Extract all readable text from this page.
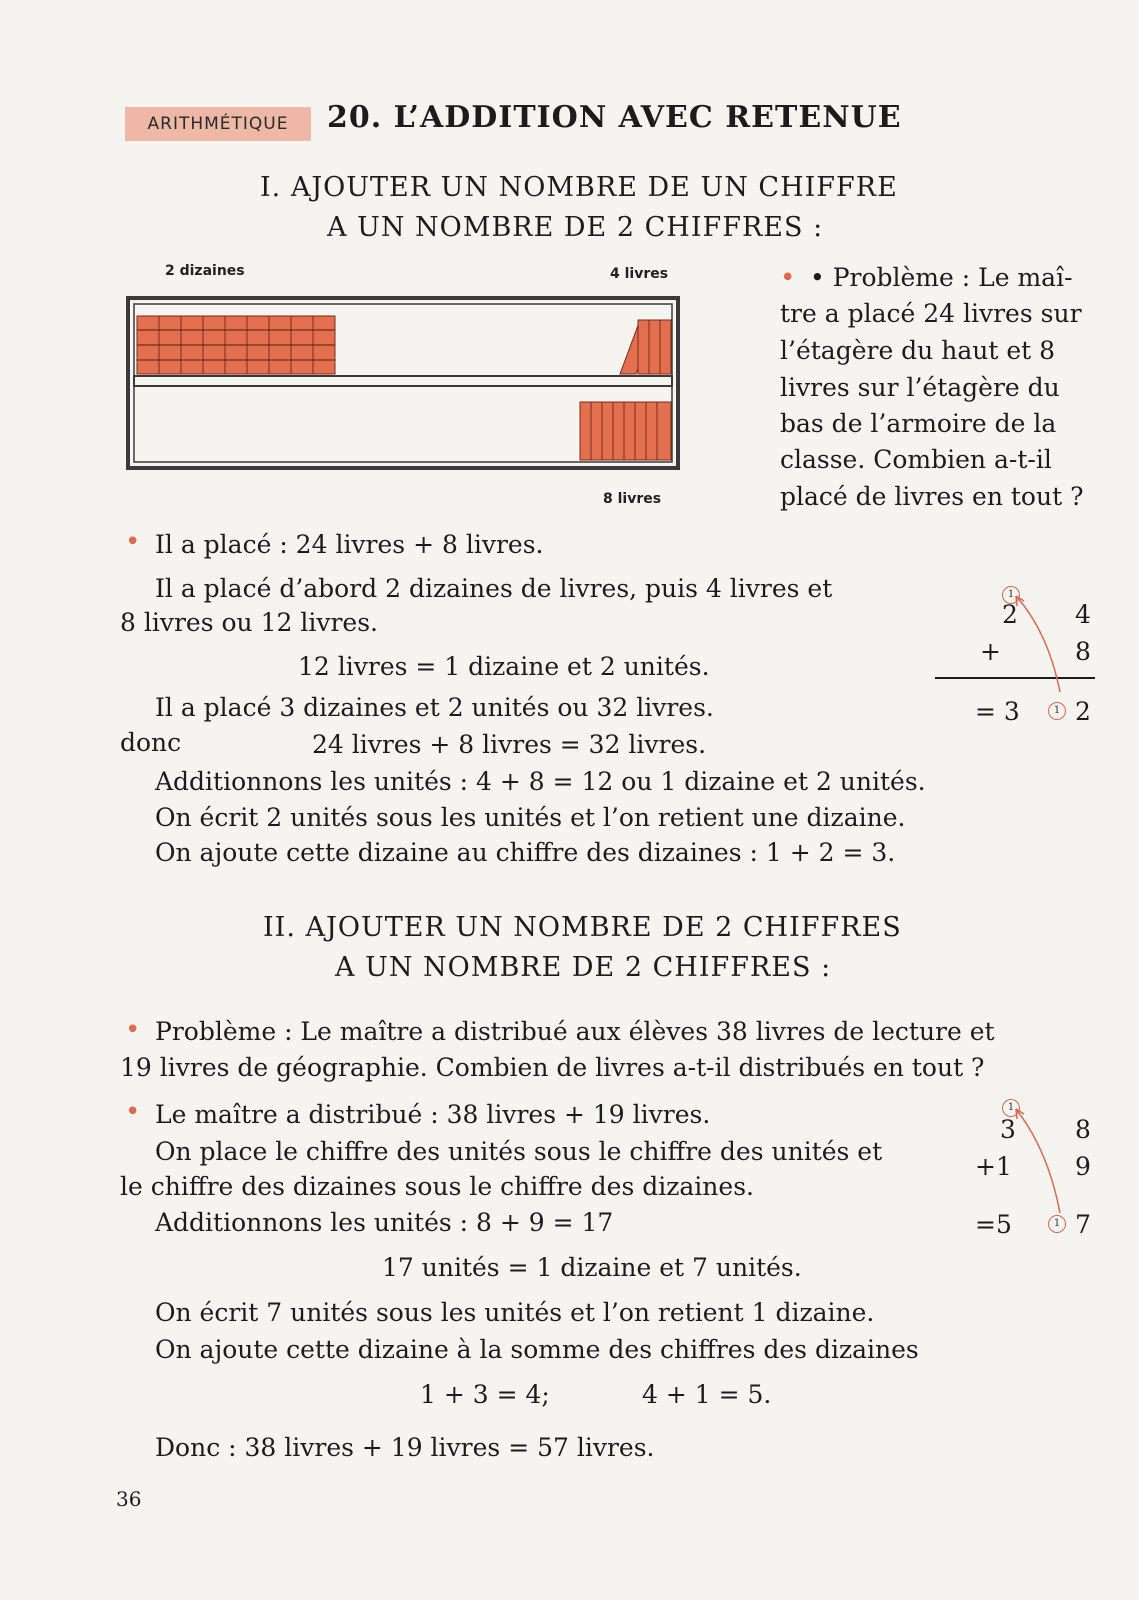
ARITHMÉTIQUE	20. L’ADDITION AVEC RETENUE
I. AJOUTER UN NOMBRE DE UN CHIFFRE
A UN NOMBRE DE 2 CHIFFRES :
2 dizaines	4 livres
8 livres
• • Problème : Le maî-
tre a placé 24 livres sur
l’étagère du haut et 8
livres sur l’étagère du
bas de l’armoire de la
classe. Combien a-t-il
placé de livres en tout ?
• Il a placé : 24 livres + 8 livres.
Il a placé d’abord 2 dizaines de livres, puis 4 livres et
8 livres ou 12 livres.
12 livres = 1 dizaine et 2 unités.
Il a placé 3 dizaines et 2 unités ou 32 livres.
donc	24 livres + 8 livres = 32 livres.
Additionnons les unités : 4 + 8 = 12 ou 1 dizaine et 2 unités.
On écrit 2 unités sous les unités et l’on retient une dizaine.
On ajoute cette dizaine au chiffre des dizaines : 1 + 2 = 3.
1
2 4
+	8
= 3	1 2
II. AJOUTER UN NOMBRE DE 2 CHIFFRES
A UN NOMBRE DE 2 CHIFFRES :
• Problème : Le maître a distribué aux élèves 38 livres de lecture et
19 livres de géographie. Combien de livres a-t-il distribués en tout ?
• Le maître a distribué : 38 livres + 19 livres.
On place le chiffre des unités sous le chiffre des unités et
le chiffre des dizaines sous le chiffre des dizaines.
Additionnons les unités : 8 + 9 = 17
17 unités = 1 dizaine et 7 unités.
On écrit 7 unités sous les unités et l’on retient 1 dizaine.
On ajoute cette dizaine à la somme des chiffres des dizaines
1 + 3 = 4;	4 + 1 = 5.
Donc : 38 livres + 19 livres = 57 livres.
1
3 8
+1	9
=5	1 7
36
